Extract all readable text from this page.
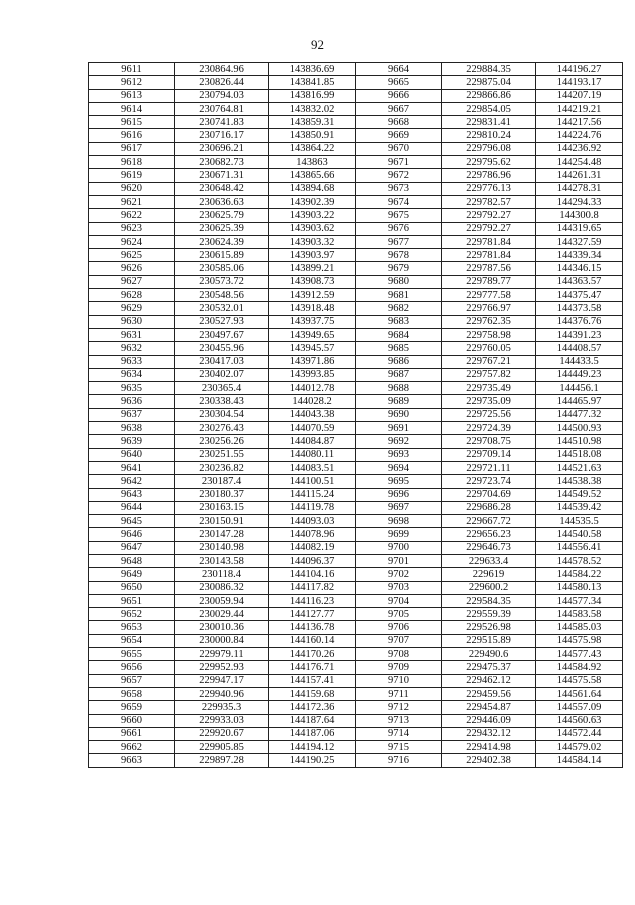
92
9611	230864.96	143836.69	9664	229884.35	144196.27
9612	230826.44	143841.85	9665	229875.04	144193.17
9613	230794.03	143816.99	9666	229866.86	144207.19
9614	230764.81	143832.02	9667	229854.05	144219.21
9615	230741.83	143859.31	9668	229831.41	144217.56
9616	230716.17	143850.91	9669	229810.24	144224.76
9617	230696.21	143864.22	9670	229796.08	144236.92
9618	230682.73	143863	9671	229795.62	144254.48
9619	230671.31	143865.66	9672	229786.96	144261.31
9620	230648.42	143894.68	9673	229776.13	144278.31
9621	230636.63	143902.39	9674	229782.57	144294.33
9622	230625.79	143903.22	9675	229792.27	144300.8
9623	230625.39	143903.62	9676	229792.27	144319.65
9624	230624.39	143903.32	9677	229781.84	144327.59
9625	230615.89	143903.97	9678	229781.84	144339.34
9626	230585.06	143899.21	9679	229787.56	144346.15
9627	230573.72	143908.73	9680	229789.77	144363.57
9628	230548.56	143912.59	9681	229777.58	144375.47
9629	230532.01	143918.48	9682	229766.97	144373.58
9630	230527.93	143937.75	9683	229762.35	144376.76
9631	230497.67	143949.65	9684	229758.98	144391.23
9632	230455.96	143945.57	9685	229760.05	144408.57
9633	230417.03	143971.86	9686	229767.21	144433.5
9634	230402.07	143993.85	9687	229757.82	144449.23
9635	230365.4	144012.78	9688	229735.49	144456.1
9636	230338.43	144028.2	9689	229735.09	144465.97
9637	230304.54	144043.38	9690	229725.56	144477.32
9638	230276.43	144070.59	9691	229724.39	144500.93
9639	230256.26	144084.87	9692	229708.75	144510.98
9640	230251.55	144080.11	9693	229709.14	144518.08
9641	230236.82	144083.51	9694	229721.11	144521.63
9642	230187.4	144100.51	9695	229723.74	144538.38
9643	230180.37	144115.24	9696	229704.69	144549.52
9644	230163.15	144119.78	9697	229686.28	144539.42
9645	230150.91	144093.03	9698	229667.72	144535.5
9646	230147.28	144078.96	9699	229656.23	144540.58
9647	230140.98	144082.19	9700	229646.73	144556.41
9648	230143.58	144096.37	9701	229633.4	144578.52
9649	230118.4	144104.16	9702	229619	144584.22
9650	230086.32	144117.82	9703	229600.2	144580.13
9651	230059.94	144116.23	9704	229584.35	144577.34
9652	230029.44	144127.77	9705	229559.39	144583.58
9653	230010.36	144136.78	9706	229526.98	144585.03
9654	230000.84	144160.14	9707	229515.89	144575.98
9655	229979.11	144170.26	9708	229490.6	144577.43
9656	229952.93	144176.71	9709	229475.37	144584.92
9657	229947.17	144157.41	9710	229462.12	144575.58
9658	229940.96	144159.68	9711	229459.56	144561.64
9659	229935.3	144172.36	9712	229454.87	144557.09
9660	229933.03	144187.64	9713	229446.09	144560.63
9661	229920.67	144187.06	9714	229432.12	144572.44
9662	229905.85	144194.12	9715	229414.98	144579.02
9663	229897.28	144190.25	9716	229402.38	144584.14
